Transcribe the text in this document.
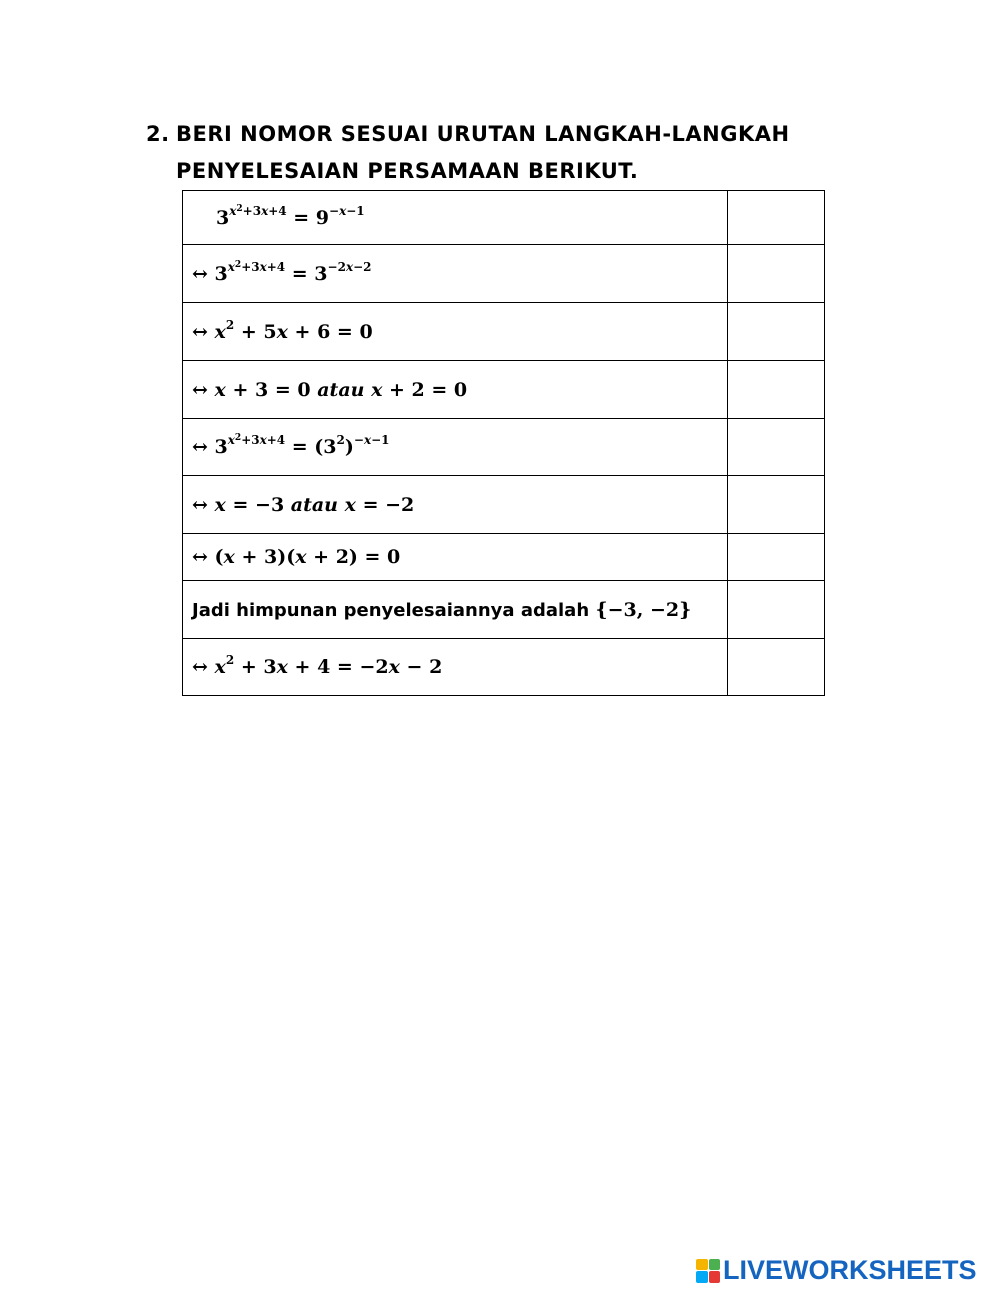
2. BERI NOMOR SESUAI URUTAN LANGKAH-LANGKAH
PENYELESAIAN PERSAMAAN BERIKUT.
$3^{x^2+3x+4} = 9^{-x-1}$	
↔ $3^{x^2+3x+4} = 3^{-2x-2}$	
↔ $x^2 + 5x + 6 = 0$	
↔ x + 3 = 0 atau x + 2 = 0	
↔ $3^{x^2+3x+4} = (3^2)^{-x-1}$	
↔ x = −3 atau x = −2	
↔ (x + 3)(x + 2) = 0	
Jadi himpunan penyelesaiannya adalah {−3, −2}	
↔ $x^2 + 3x + 4 = -2x - 2$	
LIVEWORKSHEETS
